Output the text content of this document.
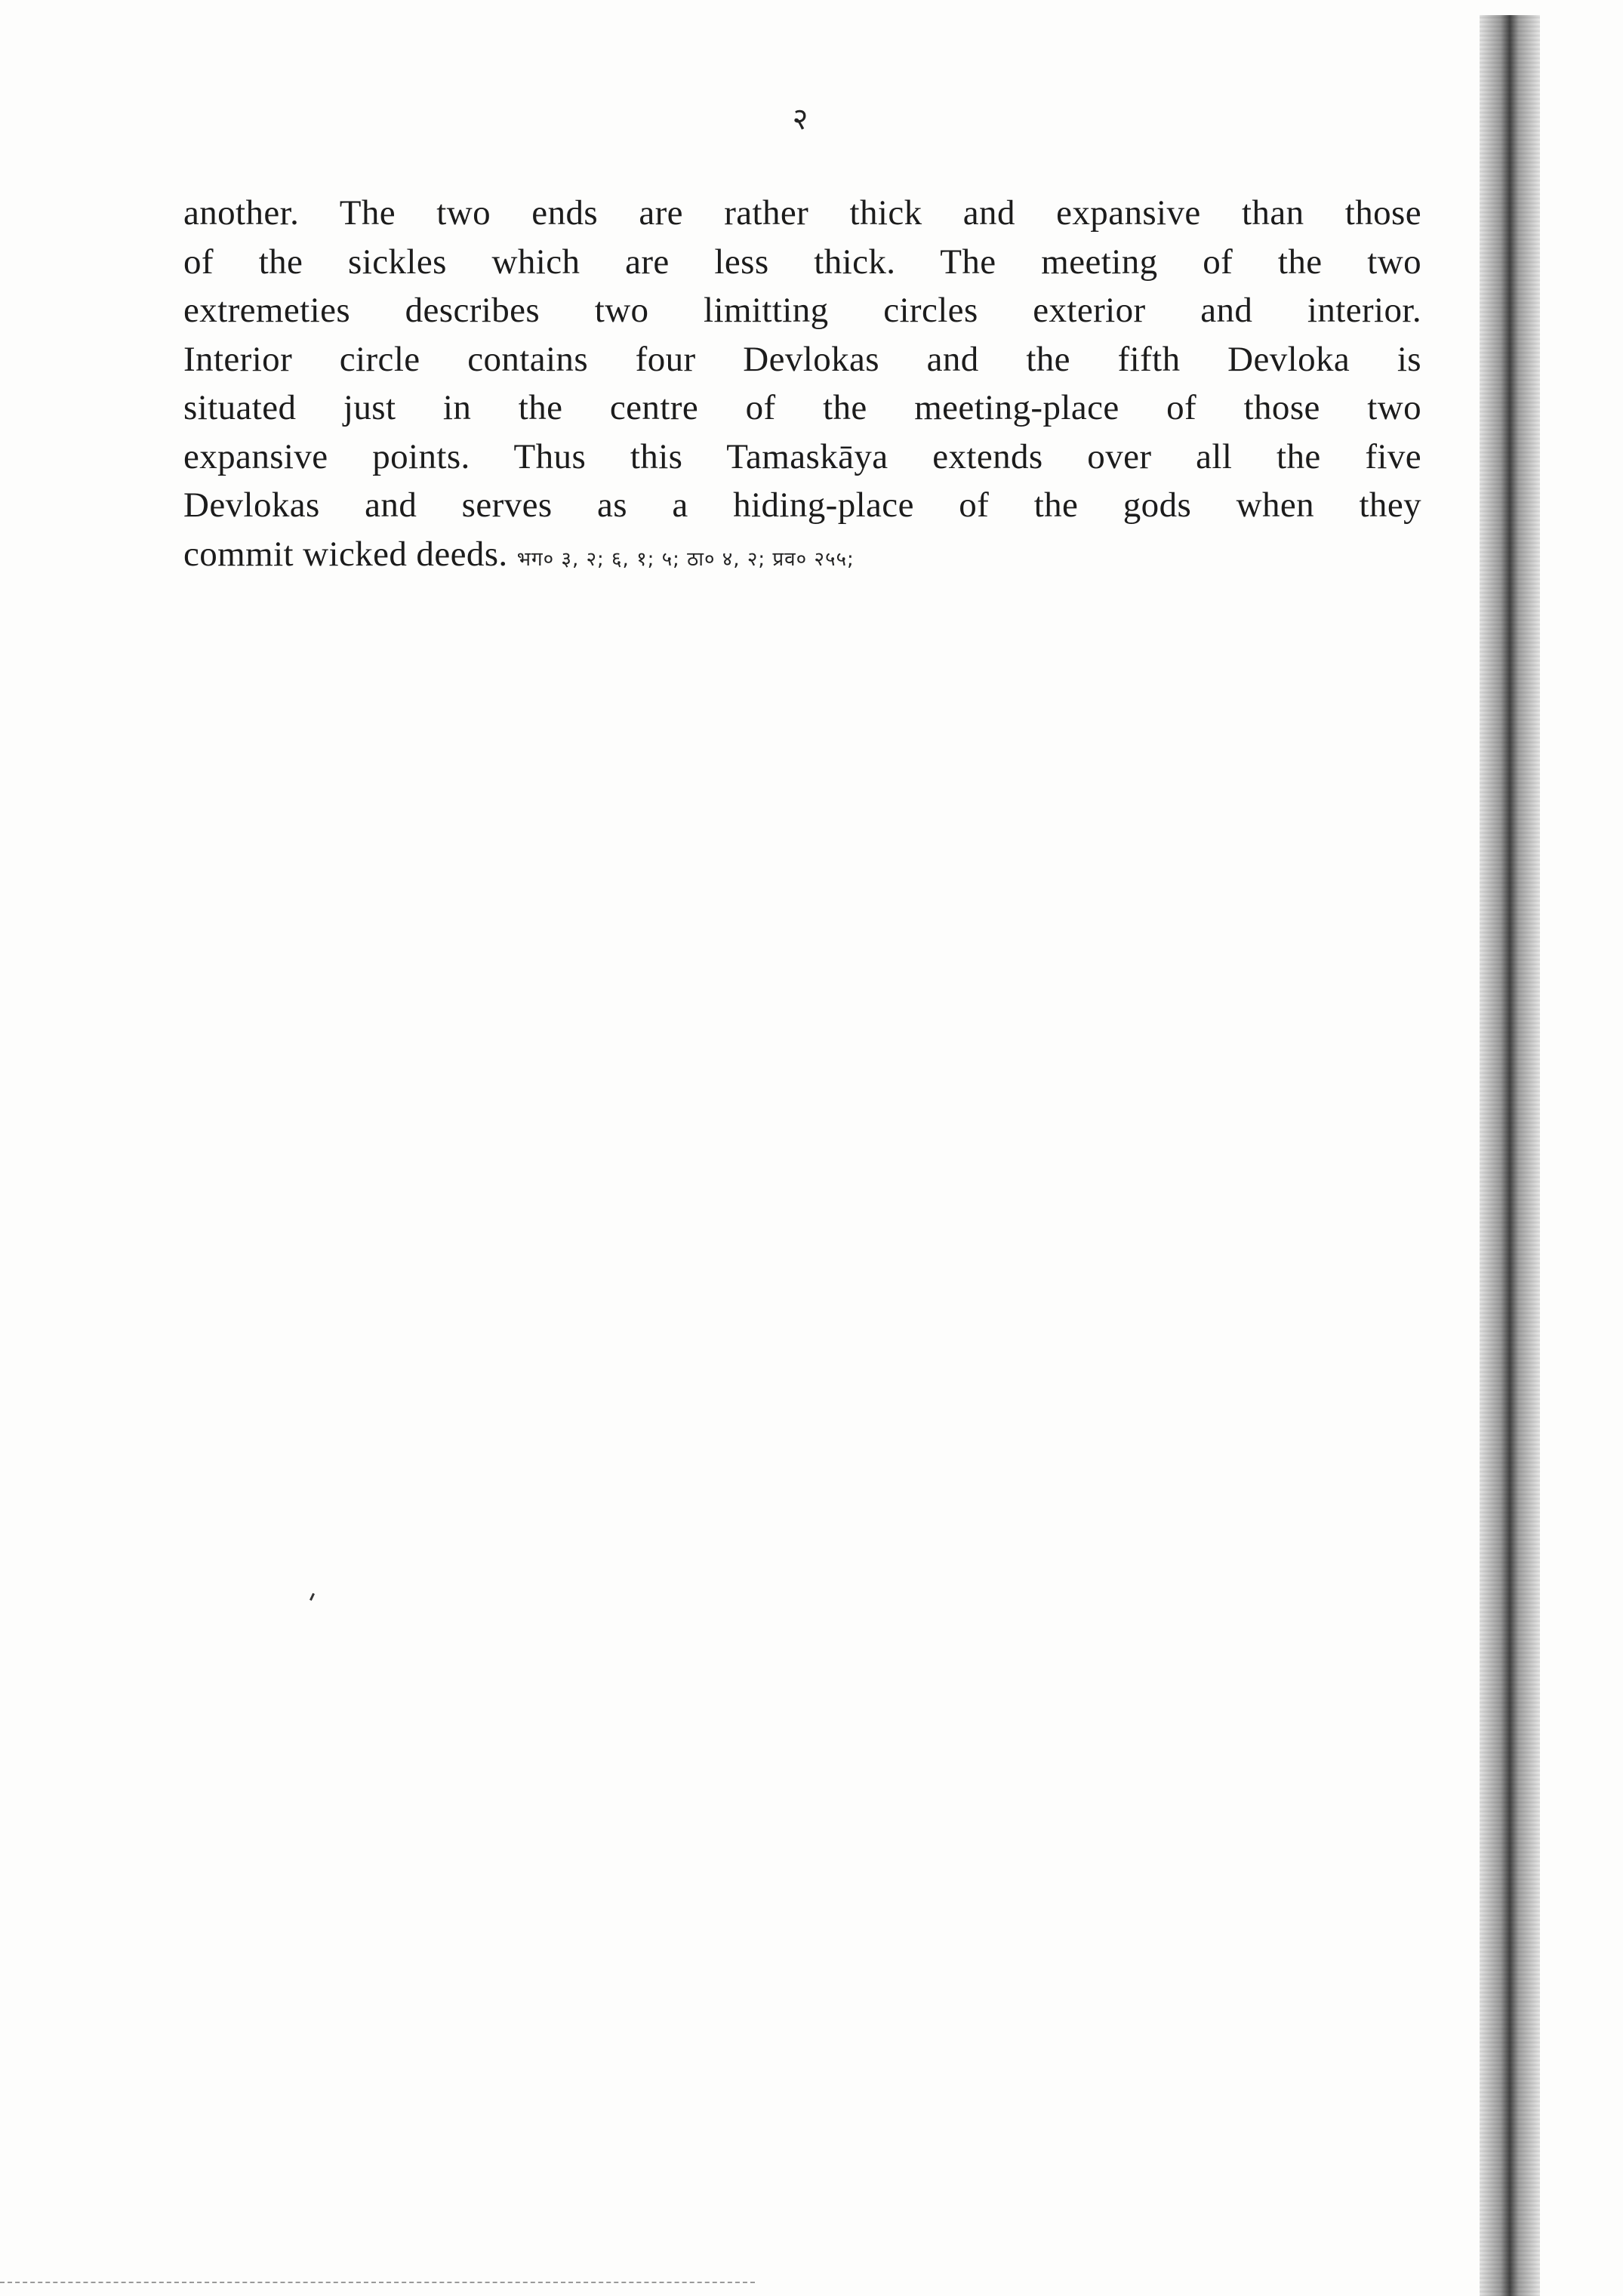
२
another. The two ends are rather thick and expansive than those
of the sickles which are less thick. The meeting of the two
extremeties describes two limitting circles exterior and interior.
Interior circle contains four Devlokas and the fifth Devloka is
situated just in the centre of the meeting-place of those two
expansive points. Thus this Tamaskāya extends over all the five
Devlokas and serves as a hiding-place of the gods when they
commit wicked deeds. भग० ३, २; ६, १; ५; ठा० ४, २; प्रव० २५५;
